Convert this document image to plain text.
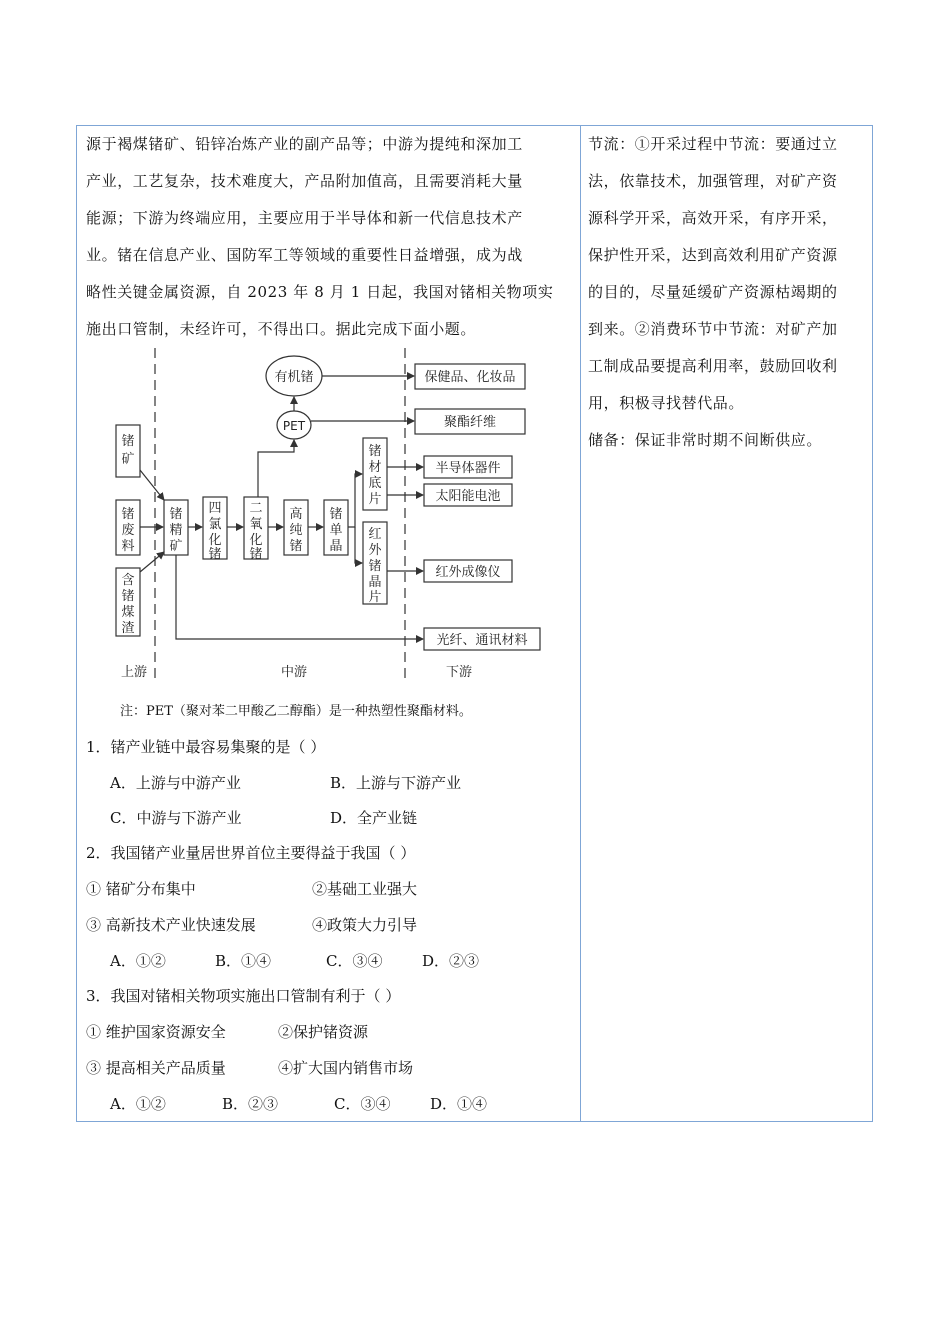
源于褐煤锗矿、铅锌冶炼产业的副产品等；中游为提纯和深加工

产业，工艺复杂，技术难度大，产品附加值高，且需要消耗大量

能源；下游为终端应用，主要应用于半导体和新一代信息技术产

业。锗在信息产业、国防军工等领域的重要性日益增强，成为战

略性关键金属资源，自 2023 年 8 月 1 日起，我国对锗相关物项实

施出口管制，未经许可，不得出口。据此完成下面小题。

锗
矿
锗
废
料
含
锗
煤
渣
锗
精
矿
四
氯
化
锗
二
氧
化
锗
高
纯
锗
锗
单
晶
锗
材
底
片
红
外
锗
晶
片
有机锗
PET
保健品、化妆品
聚酯纤维
半导体器件
太阳能电池
红外成像仪
光纤、通讯材料
上游	中游	下游
注：PET（聚对苯二甲酸乙二醇酯）是一种热塑性聚酯材料。
1．锗产业链中最容易集聚的是（ ）
A．上游与中游产业	B．上游与下游产业
C．中游与下游产业	D．全产业链
2．我国锗产业量居世界首位主要得益于我国（ ）
① 锗矿分布集中	②基础工业强大
③ 高新技术产业快速发展	④政策大力引导
A．①②	B．①④	C．③④	D．②③
3．我国对锗相关物项实施出口管制有利于（ ）
① 维护国家资源安全	②保护锗资源
③ 提高相关产品质量	④扩大国内销售市场
A．①②	B．②③	C．③④	D．①④

节流：①开采过程中节流：要通过立

法，依靠技术，加强管理，对矿产资

源科学开采，高效开采，有序开采，

保护性开采，达到高效利用矿产资源

的目的，尽量延缓矿产资源枯竭期的

到来。②消费环节中节流：对矿产加

工制成品要提高利用率，鼓励回收利

用，积极寻找替代品。

储备：保证非常时期不间断供应。
